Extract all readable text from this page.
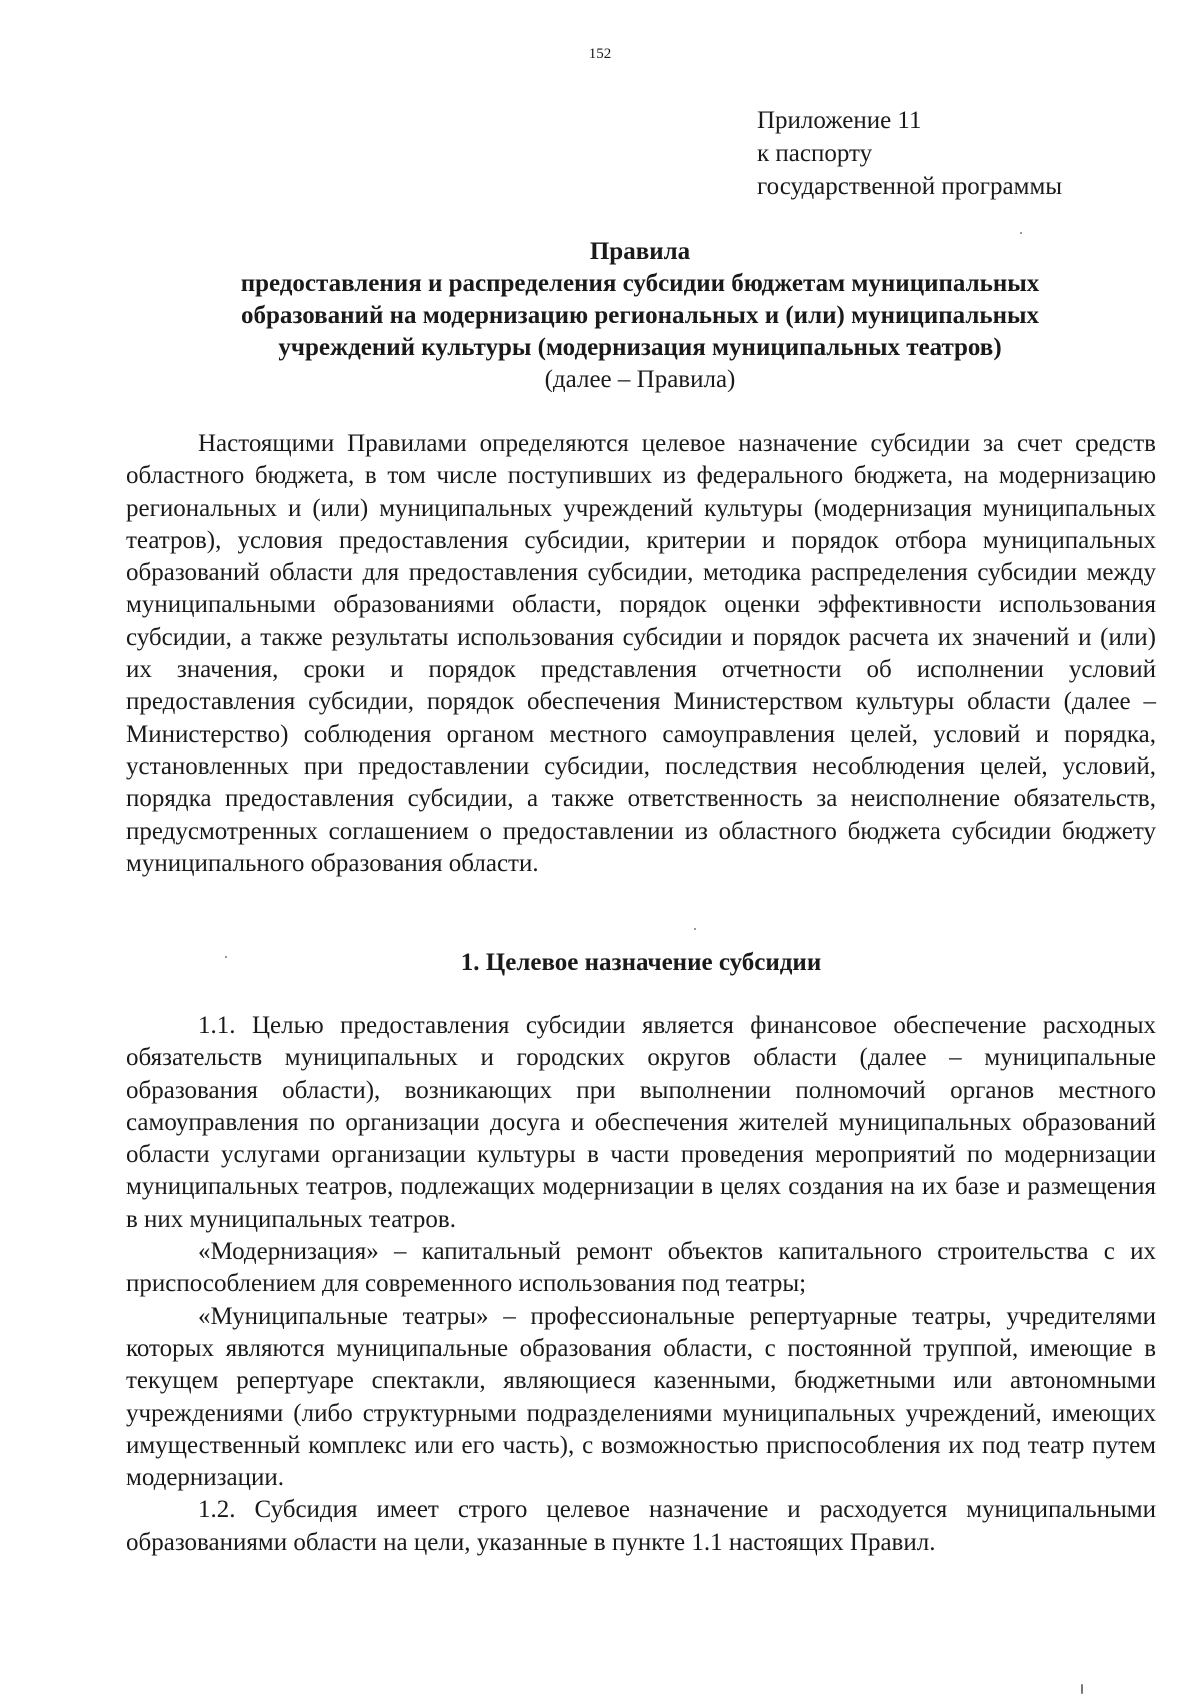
152
Приложение 11
к паспорту
государственной программы
Правила
предоставления и распределения субсидии бюджетам муниципальных
образований на модернизацию региональных и (или) муниципальных
учреждений культуры (модернизация муниципальных театров)
(далее – Правила)

Настоящими Правилами определяются целевое назначение субсидии за счет средств областного бюджета, в том числе поступивших из федерального бюджета, на модернизацию региональных и (или) муниципальных учреждений культуры (модернизация муниципальных театров), условия предоставления субсидии, критерии и порядок отбора муниципальных образований области для предоставления субсидии, методика распределения субсидии между муниципальными образованиями области, порядок оценки эффективности использования субсидии, а также результаты использования субсидии и порядок расчета их значений и (или) их значения, сроки и порядок представления отчетности об исполнении условий предоставления субсидии, порядок обеспечения Министерством культуры области (далее – Министерство) соблюдения органом местного самоуправления целей, условий и порядка, установленных при предоставлении субсидии, последствия несоблюдения целей, условий, порядка предоставления субсидии, а также ответственность за неисполнение обязательств, предусмотренных соглашением о предоставлении из областного бюджета субсидии бюджету муниципального образования области.

1. Целевое назначение субсидии

1.1. Целью предоставления субсидии является финансовое обеспечение расходных обязательств муниципальных и городских округов области (далее – муниципальные образования области), возникающих при выполнении полномочий органов местного самоуправления по организации досуга и обеспечения жителей муниципальных образований области услугами организации культуры в части проведения мероприятий по модернизации муниципальных театров, подлежащих модернизации в целях создания на их базе и размещения в них муниципальных театров.

«Модернизация» – капитальный ремонт объектов капитального строительства с их приспособлением для современного использования под театры;

«Муниципальные театры» – профессиональные репертуарные театры, учредителями которых являются муниципальные образования области, с постоянной труппой, имеющие в текущем репертуаре спектакли, являющиеся казенными, бюджетными или автономными учреждениями (либо структурными подразделениями муниципальных учреждений, имеющих имущественный комплекс или его часть), с возможностью приспособления их под театр путем модернизации.

1.2. Субсидия имеет строго целевое назначение и расходуется муниципальными образованиями области на цели, указанные в пункте 1.1 настоящих Правил.
